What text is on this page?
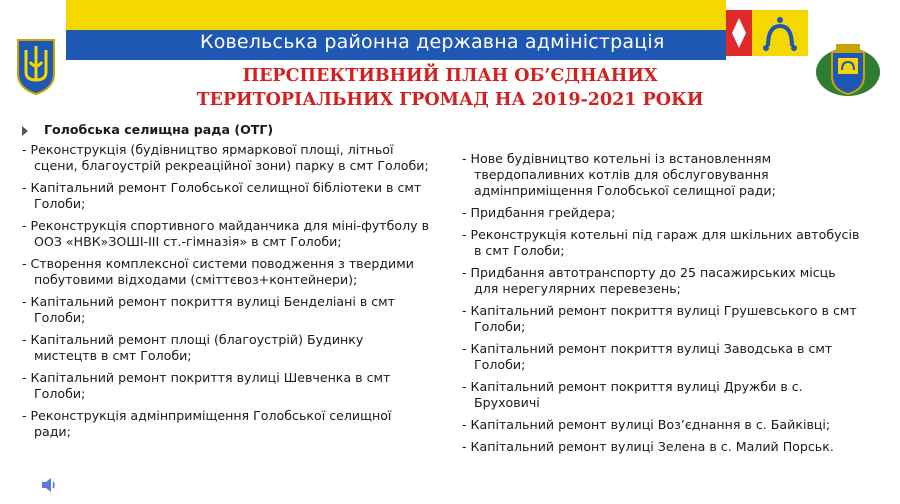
Ковельська районна державна адміністрація
ПЕРСПЕКТИВНИЙ ПЛАН ОБ’ЄДНАНИХ
ТЕРИТОРІАЛЬНИХ ГРОМАД НА 2019-2021 РОКИ
Голобська селищна рада (ОТГ)
- Реконструкція (будівництво ярмаркової площі, літньої сцени, благоустрій рекреаційної зони) парку в смт Голоби;
- Капітальний ремонт Голобської селищної бібліотеки в смт Голоби;
- Реконструкція спортивного майданчика для міні-футболу в ООЗ «НВК»ЗОШІ-ІІІ ст.-гімназія» в смт Голоби;
- Створення комплексної системи поводження з твердими побутовими відходами (сміттєвоз+контейнери);
- Капітальний ремонт покриття вулиці Бенделіані в смт Голоби;
- Капітальний ремонт площі (благоустрій) Будинку мистецтв в смт Голоби;
- Капітальний ремонт покриття вулиці Шевченка в смт Голоби;
- Реконструкція адмінприміщення Голобської селищної ради;
- Нове будівництво котельні із встановленням твердопаливних котлів для обслуговування адмінприміщення Голобської селищної ради;
- Придбання грейдера;
- Реконструкція котельні під гараж для шкільних автобусів в смт Голоби;
- Придбання автотранспорту до 25 пасажирських місць для нерегулярних перевезень;
- Капітальний ремонт покриття вулиці Грушевського в смт Голоби;
- Капітальний ремонт покриття вулиці Заводська в смт Голоби;
- Капітальний ремонт покриття вулиці Дружби в с. Бруховичі
- Капітальний ремонт вулиці Воз’єднання в с. Байківці;
- Капітальний ремонт вулиці Зелена в с. Малий Порськ.
